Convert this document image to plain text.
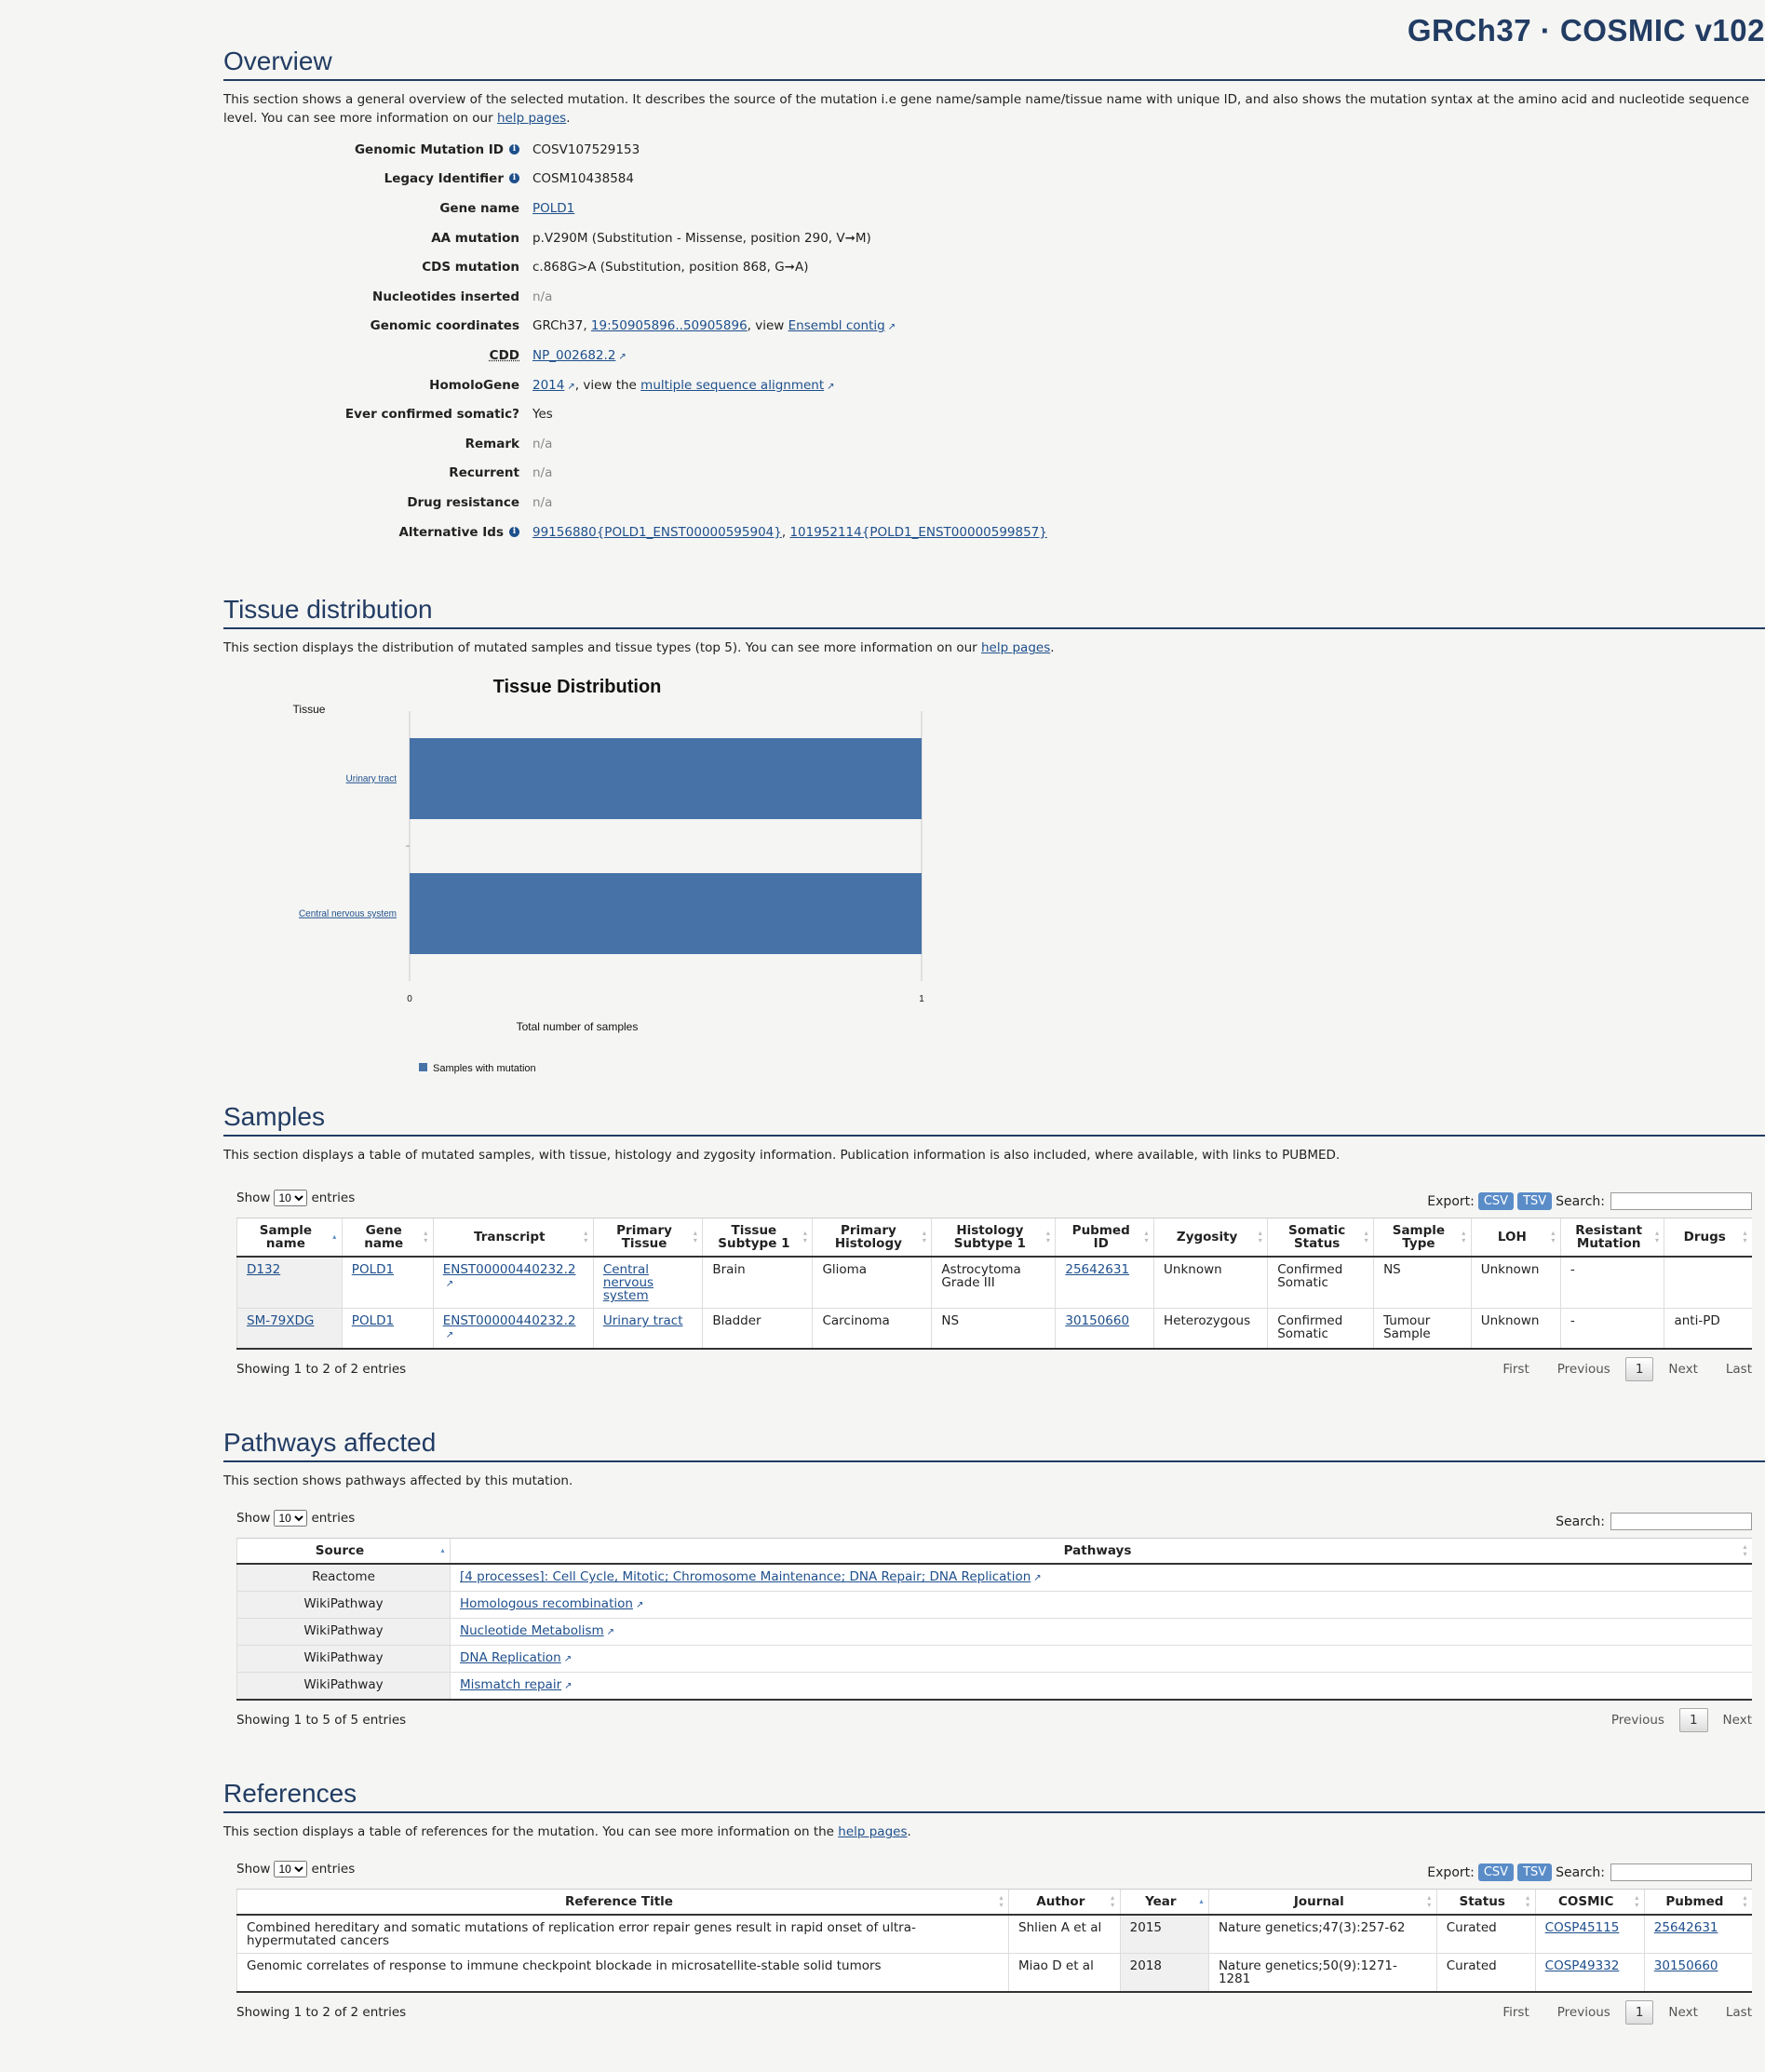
GRCh37 · COSMIC v102
Overview

This section shows a general overview of the selected mutation. It describes the source of the mutation i.e gene name/sample name/tissue name with unique ID, and also shows the mutation syntax at the amino acid and nucleotide sequence level. You can see more information on our help pages.

Genomic Mutation ID i	COSV107529153
Legacy Identifier i	COSM10438584
Gene name	POLD1
AA mutation	p.V290M (Substitution - Missense, position 290, V➞M)
CDS mutation	c.868G>A (Substitution, position 868, G➞A)
Nucleotides inserted	n/a
Genomic coordinates	GRCh37, 19:50905896..50905896, view Ensembl contig ↗
CDD	NP_002682.2 ↗
HomoloGene	2014 ↗ , view the multiple sequence alignment ↗
Ever confirmed somatic?	Yes
Remark	n/a
Recurrent	n/a
Drug resistance	n/a
Alternative Ids i	99156880{POLD1_ENST00000595904}, 101952114{POLD1_ENST00000599857}
Tissue distribution

This section displays the distribution of mutated samples and tissue types (top 5). You can see more information on our help pages.

Tissue Distribution
Tissue
Total number of samples
Urinary tract
Central nervous system
0	1
Samples with mutation
Samples

This section displays a table of mutated samples, with tissue, histology and zygosity information. Publication information is also included, where available, with links to PUBMED.

Show
10	entries	Export: CSV	TSV Search:
Sample name ▴	Gene name ▴▾	Transcript ▴▾	Primary Tissue ▴▾	Tissue Subtype 1 ▴▾	Primary Histology ▴▾	Histology Subtype 1 ▴▾	Pubmed ID ▴▾	Zygosity ▴▾	Somatic Status ▴▾	Sample Type ▴▾	LOH ▴▾	Resistant Mutation ▴▾	Drugs ▴▾
D132	POLD1	ENST00000440232.2 ↗	Central nervous system	Brain	Glioma	Astrocytoma Grade III	25642631	Unknown	Confirmed Somatic	NS	Unknown	-	
SM-79XDG	POLD1	ENST00000440232.2 ↗	Urinary tract	Bladder	Carcinoma	NS	30150660	Heterozygous	Confirmed Somatic	Tumour Sample	Unknown	-	anti-PD
Showing 1 to 2 of 2 entries	First Previous	1	Next Last
Pathways affected

This section shows pathways affected by this mutation.

Show
10	entries	Search:
Source ▴	Pathways ▴▾
Reactome	[4 processes]: Cell Cycle, Mitotic; Chromosome Maintenance; DNA Repair; DNA Replication ↗
WikiPathway	Homologous recombination ↗
WikiPathway	Nucleotide Metabolism ↗
WikiPathway	DNA Replication ↗
WikiPathway	Mismatch repair ↗
Showing 1 to 5 of 5 entries	Previous	1	Next
References

This section displays a table of references for the mutation. You can see more information on the help pages.

Show
10	entries	Export: CSV	TSV Search:
Reference Title ▴▾	Author ▴▾	Year ▴	Journal ▴▾	Status ▴▾	COSMIC ▴▾	Pubmed ▴▾
Combined hereditary and somatic mutations of replication error repair genes result in rapid onset of ultra-hypermutated cancers	Shlien A et al	2015	Nature genetics;47(3):257-62	Curated	COSP45115	25642631
Genomic correlates of response to immune checkpoint blockade in microsatellite-stable solid tumors	Miao D et al	2018	Nature genetics;50(9):1271-1281	Curated	COSP49332	30150660
Showing 1 to 2 of 2 entries	First Previous	1	Next Last
